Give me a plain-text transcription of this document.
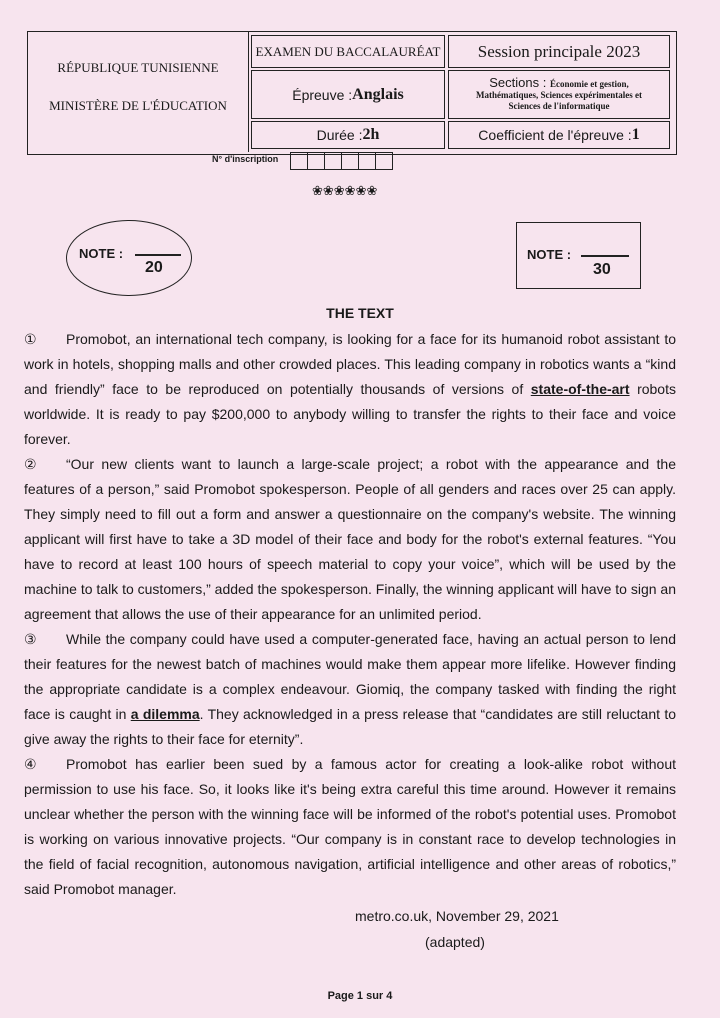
RÉPUBLIQUE TUNISIENNE
MINISTÈRE DE L'ÉDUCATION
EXAMEN DU BACCALAURÉAT	Session principale 2023
Épreuve : Anglais
Sections : Économie et gestion,
Mathématiques, Sciences expérimentales et
Sciences de l'informatique
Durée : 2h	Coefficient de l'épreuve : 1
N° d'inscription
❀❀❀❀❀❀
NOTE :
20
NOTE :
30
THE TEXT

① Promobot, an international tech company, is looking for a face for its humanoid robot assistant to work in hotels, shopping malls and other crowded places. This leading company in robotics wants a “kind and friendly” face to be reproduced on potentially thousands of versions of state-of-the-art robots worldwide. It is ready to pay $200,000 to anybody willing to transfer the rights to their face and voice forever.

② “Our new clients want to launch a large-scale project; a robot with the appearance and the features of a person,” said Promobot spokesperson. People of all genders and races over 25 can apply. They simply need to fill out a form and answer a questionnaire on the company's website. The winning applicant will first have to take a 3D model of their face and body for the robot's external features. “You have to record at least 100 hours of speech material to copy your voice”, which will be used by the machine to talk to customers,” added the spokesperson. Finally, the winning applicant will have to sign an agreement that allows the use of their appearance for an unlimited period.

③ While the company could have used a computer-generated face, having an actual person to lend their features for the newest batch of machines would make them appear more lifelike. However finding the appropriate candidate is a complex endeavour. Giomiq, the company tasked with finding the right face is caught in a dilemma. They acknowledged in a press release that “candidates are still reluctant to give away the rights to their face for eternity”.

④ Promobot has earlier been sued by a famous actor for creating a look-alike robot without permission to use his face. So, it looks like it's being extra careful this time around. However it remains unclear whether the person with the winning face will be informed of the robot's potential uses. Promobot is working on various innovative projects. “Our company is in constant race to develop technologies in the field of facial recognition, autonomous navigation, artificial intelligence and other areas of robotics,” said Promobot manager.

metro.co.uk, November 29, 2021
(adapted)
Page 1 sur 4
